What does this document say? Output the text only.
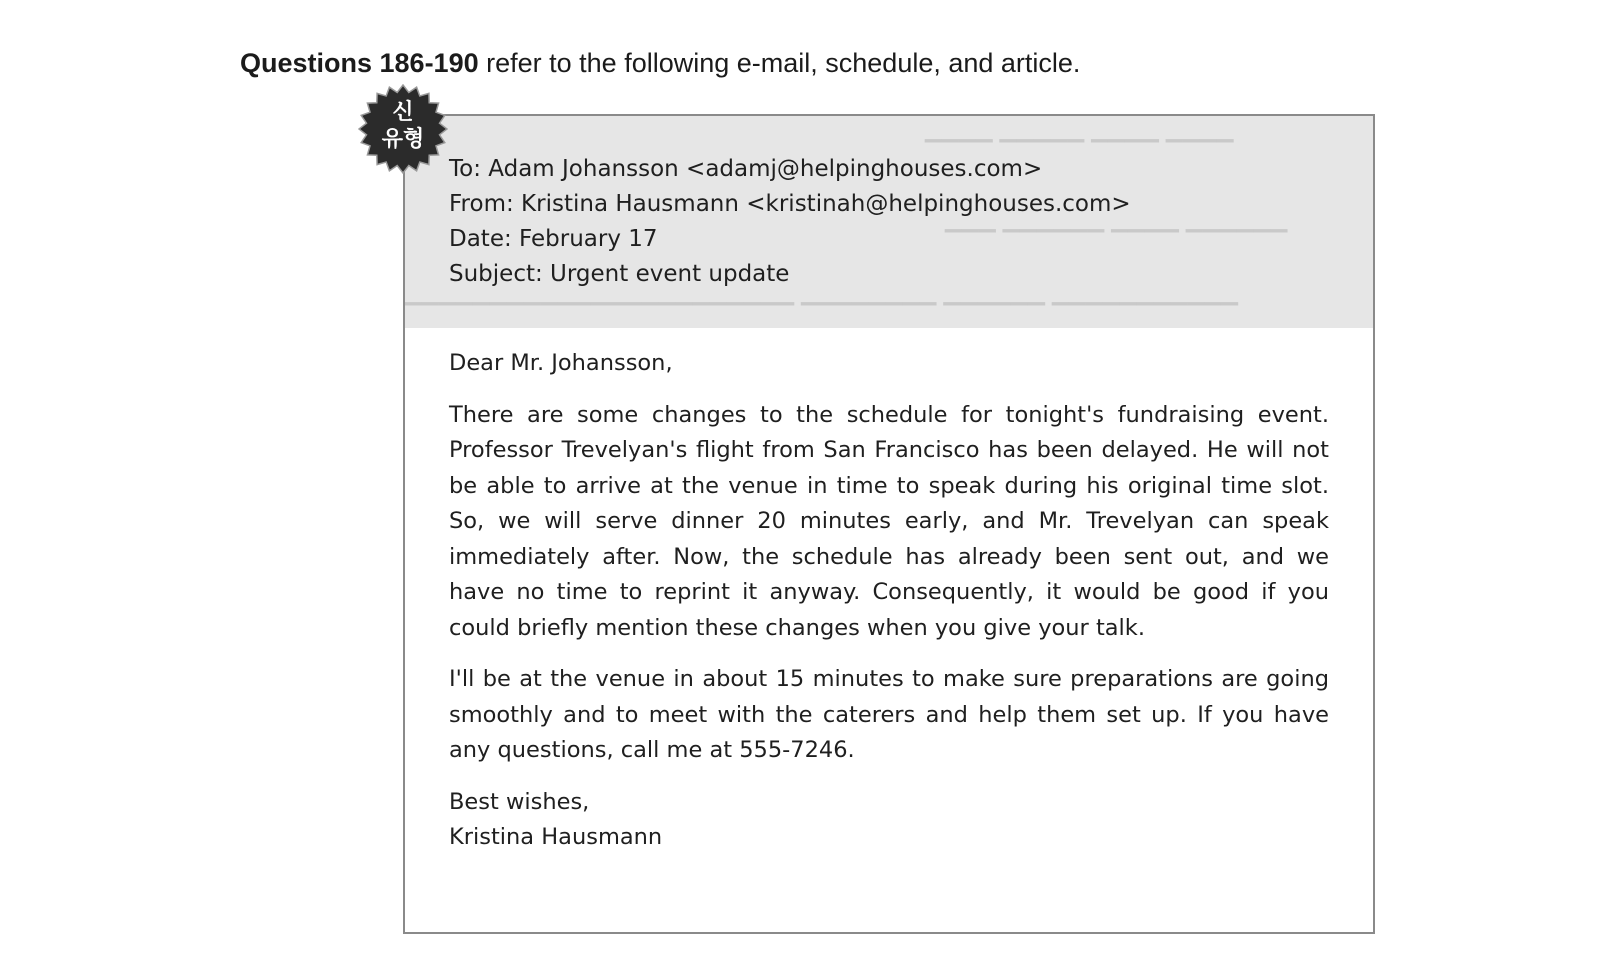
Questions 186-190 refer to the following e-mail, schedule, and article.
▁▁▁▁ ▁▁▁▁▁ ▁▁▁▁ ▁▁▁▁
▁▁▁ ▁▁▁▁▁▁ ▁▁▁▁ ▁▁▁▁▁▁
▁▁▁▁▁▁▁▁▁▁▁▁▁▁▁▁▁▁▁▁▁▁▁ ▁▁▁▁▁▁▁▁ ▁▁▁▁▁▁ ▁▁▁▁▁▁▁▁▁▁▁
To: Adam Johansson <adamj@helpinghouses.com>
From: Kristina Hausmann <kristinah@helpinghouses.com>
Date: February 17
Subject: Urgent event update

Dear Mr. Johansson,

There are some changes to the schedule for tonight's fundraising event. Professor Trevelyan's flight from San Francisco has been delayed. He will not be able to arrive at the venue in time to speak during his original time slot. So, we will serve dinner 20 minutes early, and Mr. Trevelyan can speak immediately after. Now, the schedule has already been sent out, and we have no time to reprint it anyway. Consequently, it would be good if you could briefly mention these changes when you give your talk.

I'll be at the venue in about 15 minutes to make sure preparations are going smoothly and to meet with the caterers and help them set up. If you have any questions, call me at 555-7246.

Best wishes,
Kristina Hausmann
신
유형
